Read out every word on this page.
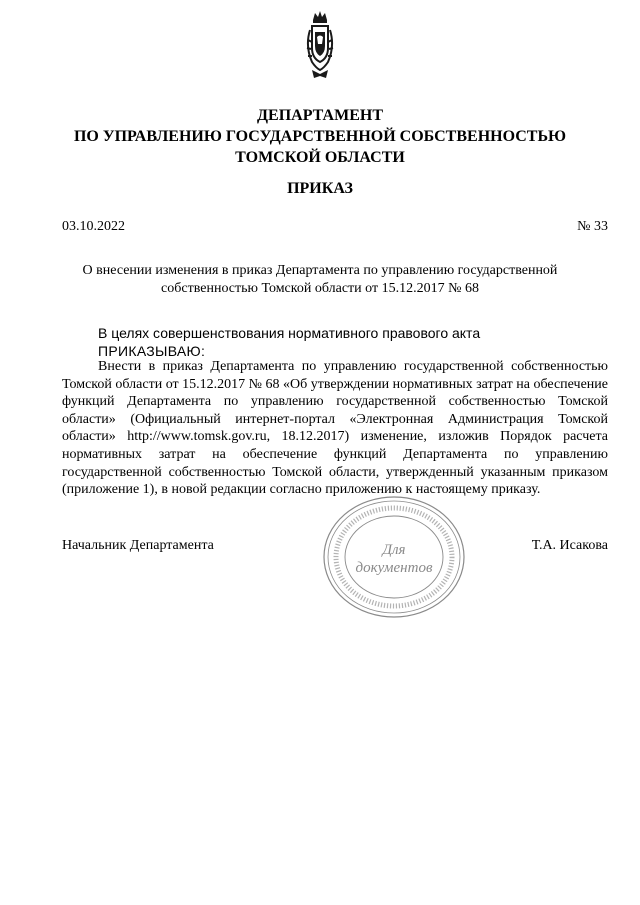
ДЕПАРТАМЕНТ
ПО УПРАВЛЕНИЮ ГОСУДАРСТВЕННОЙ СОБСТВЕННОСТЬЮ
ТОМСКОЙ ОБЛАСТИ
ПРИКАЗ
03.10.2022	№ 33
О внесении изменения в приказ Департамента по управлению государственной собственностью Томской области от 15.12.2017 № 68
В целях совершенствования нормативного правового акта
ПРИКАЗЫВАЮ:
Внести в приказ Департамента по управлению государственной собственностью Томской области от 15.12.2017 № 68 «Об утверждении нормативных затрат на обеспечение функций Департамента по управлению государственной собственностью Томской области» (Официальный интернет-портал «Электронная Администрация Томской области» http://www.tomsk.gov.ru, 18.12.2017) изменение, изложив Порядок расчета нормативных затрат на обеспечение функций Департамента по управлению государственной собственностью Томской области, утвержденный указанным приказом (приложение 1), в новой редакции согласно приложению к настоящему приказу.
Начальник Департамента	Т.А. Исакова
Для
документов
